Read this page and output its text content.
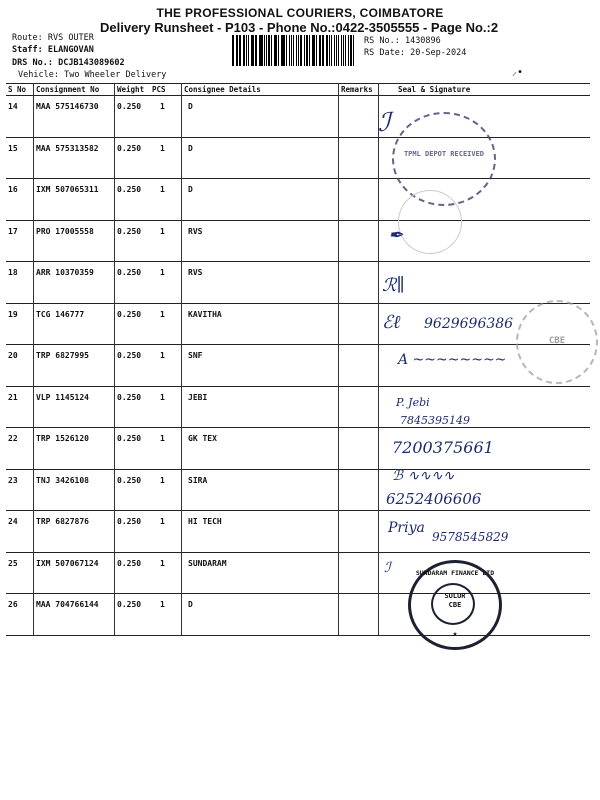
THE PROFESSIONAL COURIERS, COIMBATORE
Delivery Runsheet - P103 - Phone No.:0422-3505555 - Page No.:2
Route: RVS OUTER
Staff: ELANGOVAN
DRS No.: DCJB143089602
Vehicle: Two Wheeler Delivery
RS No.: 1430896
RS Date: 20-Sep-2024
⸝•
S No Consignment No Weight PCS Consignee Details	Remarks	Seal & Signature
14 MAA 575146730 0.250 1	D
15 MAA 575313582 0.250 1	D
16 IXM 507065311 0.250 1	D
17 PRO 17005558	0.250 1	RVS
18 ARR 10370359	0.250 1	RVS
19 TCG 146777	0.250 1	KAVITHA
20 TRP 6827995	0.250 1	SNF
21 VLP 1145124	0.250 1	JEBI
22 TRP 1526120	0.250 1	GK TEX
23 TNJ 3426108	0.250 1	SIRA
24 TRP 6827876	0.250 1	HI TECH
25 IXM 507067124 0.250 1	SUNDARAM
26 MAA 704766144 0.250 1	D
TPML DEPOT RECEIVED
ℐ
✒︎
ℛ∥
ℰℓ 9629696386
CBE
A ~~~~~~~~
P. Jebi
7845395149
7200375661
ℬ ∿∿∿∿
6252406606
Priya
9578545829
ℐ	SUNDARAM FINANCE LTD
SULUR
CBE
★
